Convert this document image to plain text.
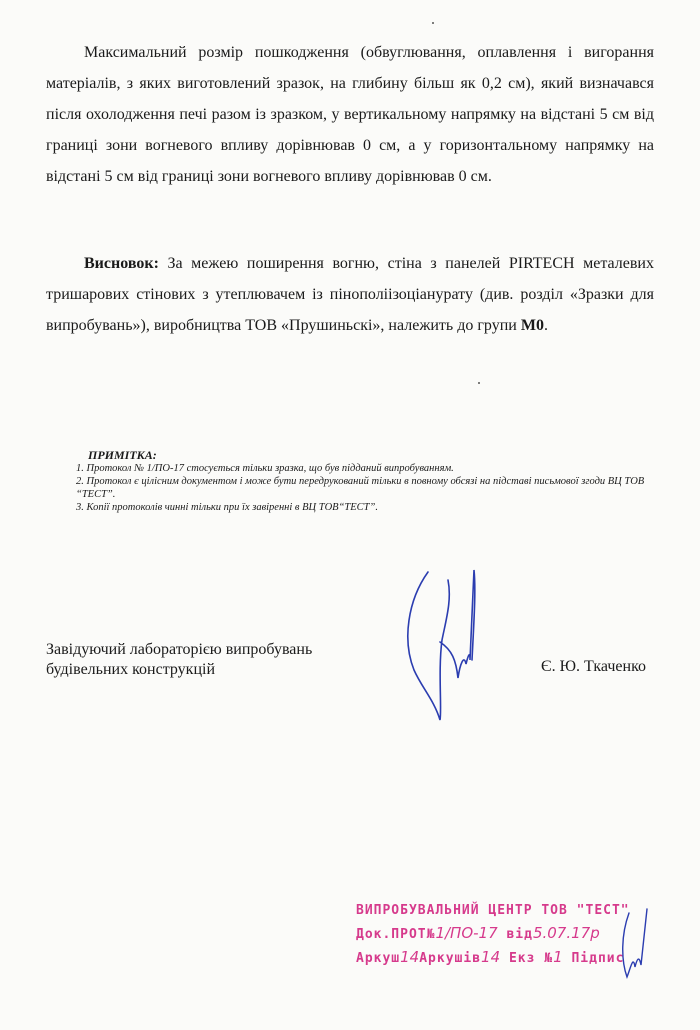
Максимальний розмір пошкодження (обвуглювання, оплавлення і вигорання матеріалів, з яких виготовлений зразок, на глибину більш як 0,2 см), який визначався після охолодження печі разом із зразком, у вертикальному напрямку на відстані 5 см від границі зони вогневого впливу дорівнював 0 см, а у горизонтальному напрямку на відстані 5 см від границі зони вогневого впливу дорівнював 0 см.

Висновок: За межею поширення вогню, стіна з панелей PIRTECH металевих тришарових стінових з утеплювачем із пінополіізоціанурату (див. розділ «Зразки для випробувань»), виробництва ТОВ «Прушиньскі», належить до групи М0.

ПРИМІТКА:
1. Протокол № 1/ПО-17 стосується тільки зразка, що був підданий випробуванням.
2. Протокол є цілісним документом і може бути передрукований тільки в повному обсязі на підставі письмової згоди ВЦ ТОВ “ТЕСТ”.
3. Копії протоколів чинні тільки при їх завіренні в ВЦ ТОВ“ТЕСТ”.
Завідуючий лабораторією випробувань
будівельних конструкцій	Є. Ю. Ткаченко
ВИПРОБУВАЛЬНИЙ ЦЕНТР ТОВ "ТЕСТ"
Док.ПРОТ№1/ПО-17 від5.07.17р
Аркуш14Аркушів14 Екз №1 Підпис
